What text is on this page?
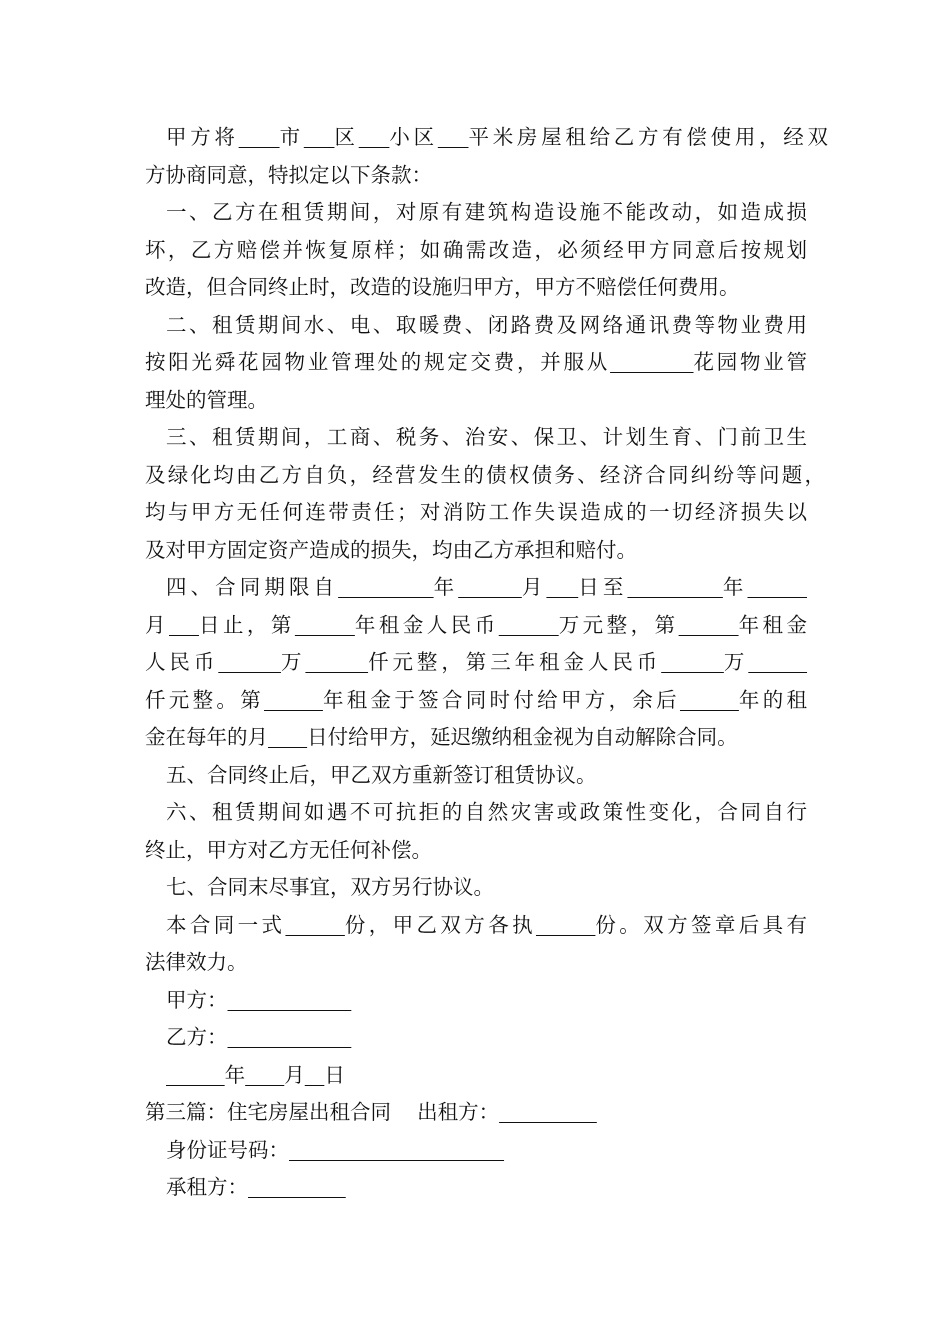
甲方将 市 区 小区 平米房屋租给乙方有偿使用，经双
方协商同意，特拟定以下条款：
一、乙方在租赁期间，对原有建筑构造设施不能改动，如造成损
坏，乙方赔偿并恢复原样；如确需改造，必须经甲方同意后按规划
改造，但合同终止时，改造的设施归甲方，甲方不赔偿任何费用。
二、租赁期间水、电、取暖费、闭路费及网络通讯费等物业费用
按阳光舜花园物业管理处的规定交费，并服从	花园物业管
理处的管理。
三、租赁期间，工商、税务、治安、保卫、计划生育、门前卫生
及绿化均由乙方自负，经营发生的债权债务、经济合同纠纷等问题，
均与甲方无任何连带责任；对消防工作失误造成的一切经济损失以
及对甲方固定资产造成的损失，均由乙方承担和赔付。
四、合同期限自	年	月 日至	年
月 日止，第	年租金人民币	万元整，第	年租金
人民币	万	仟元整，第三年租金人民币	万
仟元整。第	年租金于签合同时付给甲方，余后	年的租
金在每年的月 日付给甲方，延迟缴纳租金视为自动解除合同。
五、合同终止后，甲乙双方重新签订租赁协议。
六、租赁期间如遇不可抗拒的自然灾害或政策性变化，合同自行
终止，甲方对乙方无任何补偿。
七、合同末尽事宜，双方另行协议。
本合同一式	份，甲乙双方各执	份。双方签章后具有
法律效力。
甲方：
乙方：
年 月 日
第三篇：住宅房屋出租合同    出租方：
身份证号码：
承租方：
